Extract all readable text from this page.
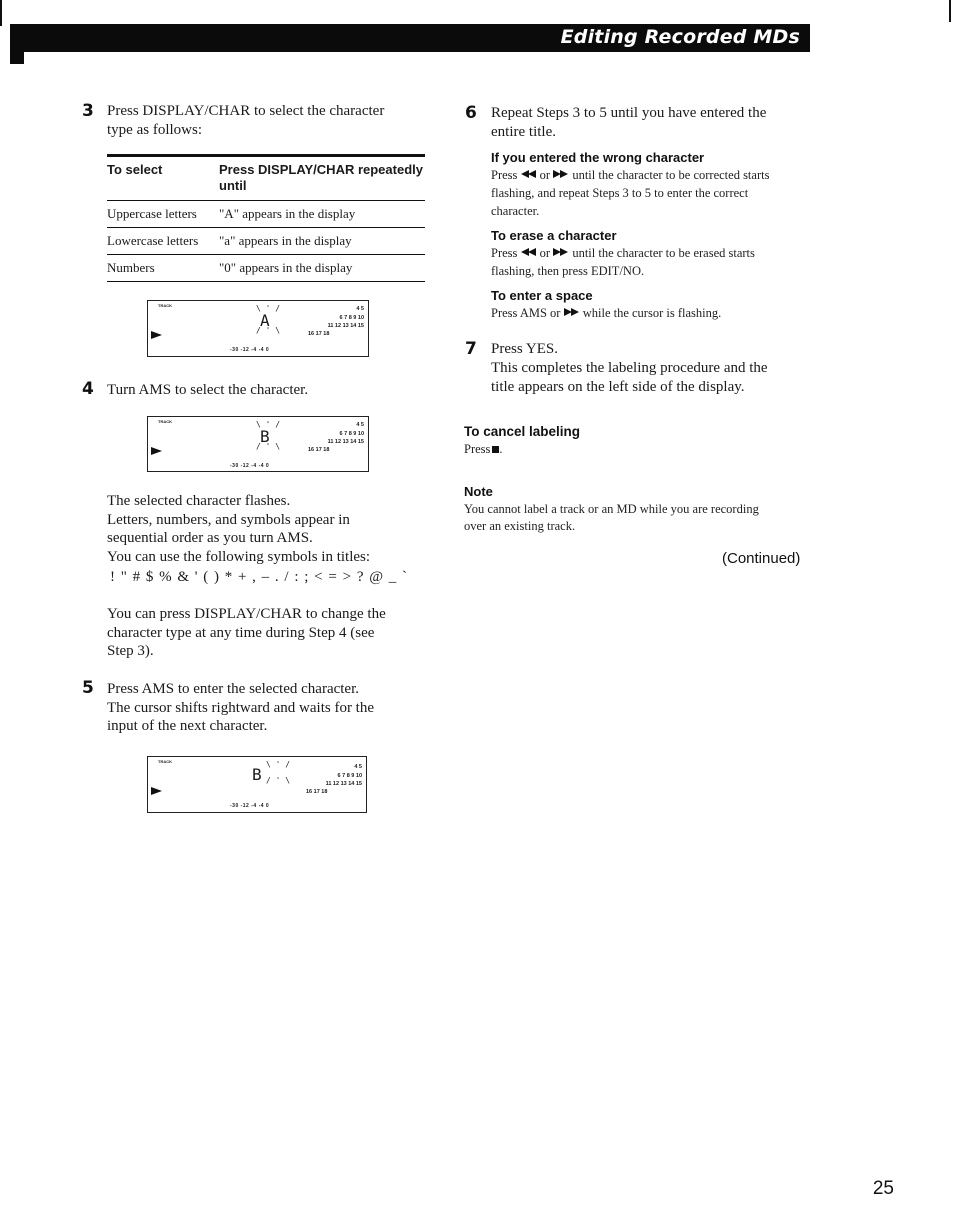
Editing Recorded MDs
3 Press DISPLAY/CHAR to select the character
type as follows:
To select	Press DISPLAY/CHAR repeatedly
until
Uppercase letters	"A" appears in the display
Lowercase letters	"a" appears in the display
Numbers	"0" appears in the display
TRACK	\ ' /
A
/ ' \
4 5
6 7 8 9 10
11 12 13 14 15
16 17 18
-30 -12 -4 -4 0
4 Turn AMS to select the character.
TRACK	\ ' /
B
/ ' \
4 5
6 7 8 9 10
11 12 13 14 15
16 17 18
-30 -12 -4 -4 0
The selected character flashes.
Letters, numbers, and symbols appear in
sequential order as you turn AMS.
You can use the following symbols in titles:
! " # $ % & ' ( ) * + , – . / : ; < = > ? @ _ `
You can press DISPLAY/CHAR to change the
character type at any time during Step 4 (see
Step 3).
5 Press AMS to enter the selected character.
The cursor shifts rightward and waits for the
input of the next character.
TRACK
B
\ ' /
/ ' \
4 5
6 7 8 9 10
11 12 13 14 15
16 17 18
-30 -12 -4 -4 0
6 Repeat Steps 3 to 5 until you have entered the
entire title.
If you entered the wrong character
Press or until the character to be corrected starts
flashing, and repeat Steps 3 to 5 to enter the correct
character.
To erase a character
Press or until the character to be erased starts
flashing, then press EDIT/NO.
To enter a space
Press AMS or while the cursor is flashing.
7 Press YES.
This completes the labeling procedure and the
title appears on the left side of the display.
To cancel labeling
Press .
Note
You cannot label a track or an MD while you are recording
over an existing track.
(Continued)
25
